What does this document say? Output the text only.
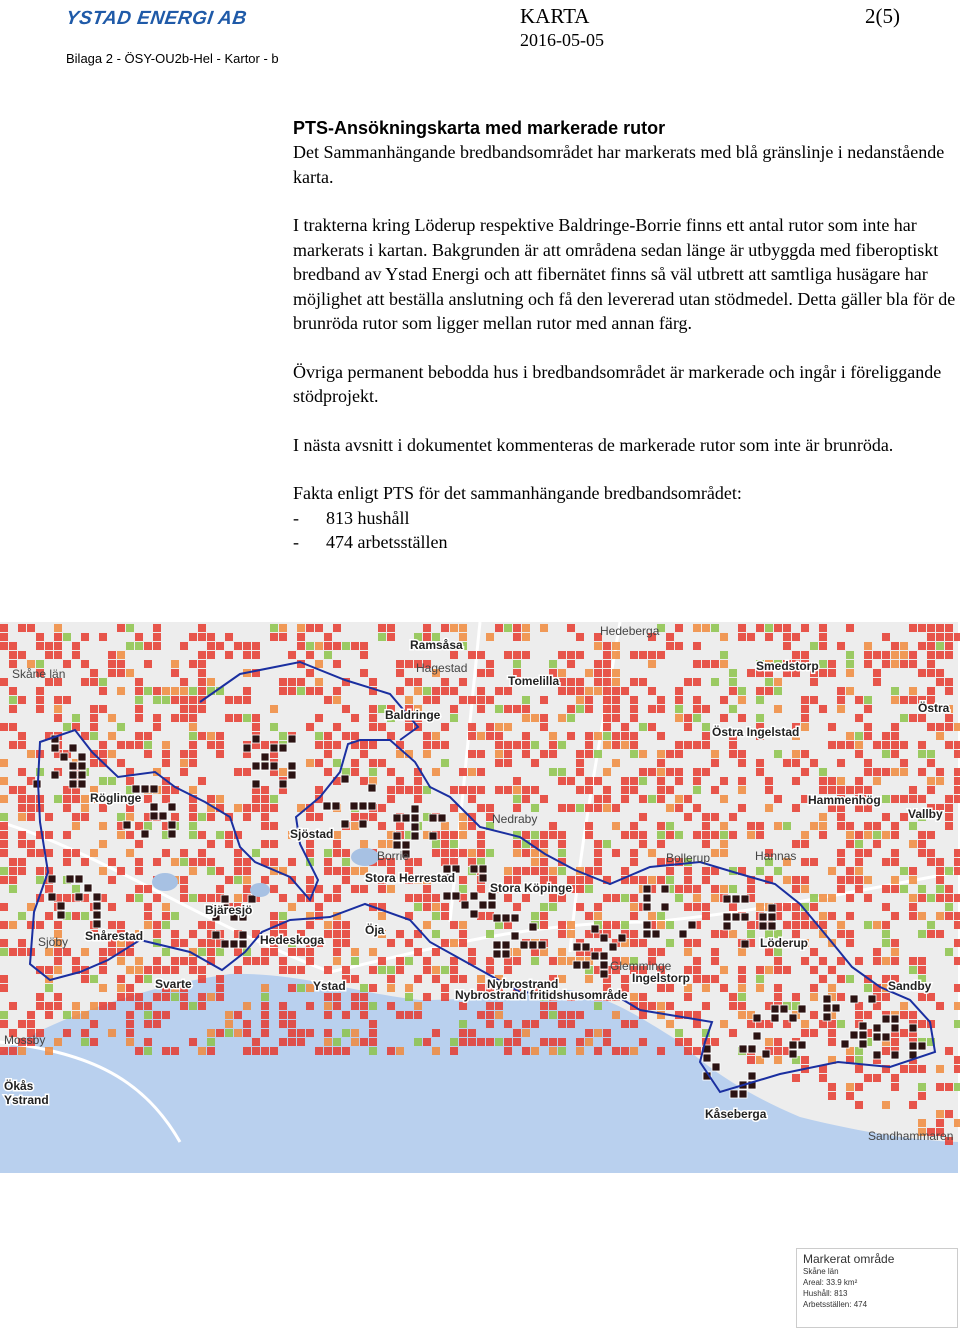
YSTAD ENERGI AB
Bilaga 2 - ÖSY-OU2b-Hel - Kartor - b
KARTA
2016-05-05
2(5)
PTS-Ansökningskarta med markerade rutor

Det Sammanhängande bredbandsområdet har markerats med blå gränslinje i nedanstående karta.

I trakterna kring Löderup respektive Baldringe-Borrie finns ett antal rutor som inte har markerats i kartan. Bakgrunden är att områdena sedan länge är utbyggda med fiberoptiskt bredband av Ystad Energi och att fibernätet finns så väl utbrett att samtliga husägare har möjlighet att beställa anslutning och få den levererad utan stödmedel. Detta gäller bla för de brunröda rutor som ligger mellan rutor med annan färg.

Övriga permanent bebodda hus i bredbandsområdet är markerade och ingår i föreliggande stödprojekt.

I nästa avsnitt i dokumentet kommenteras de markerade rutor som inte är brunröda.

Fakta enligt PTS för det sammanhängande bredbandsområdet:

-	813 hushåll
-	474 arbetsställen
Skåne län
Ramsåsa
Tomelilla
Smedstorp
Östra Ingelstad
Östra
Röglinge
Sjöstad
Baldringe
Nedraby
Hammenhög
Vallby
Borrie
Stora Herrestad
Stora Köpinge
Bollerup	Hannas
Bjäresjö
Hedeskoga
Öja
Glemminge
Löderup
Snårestad
Svarte	Ystad	Nybrostrand
Nybrostrand fritidshusområde
Ingelstorp
Sandby
Mossby
Kåseberga
Sandhammaren
Hedeberga
Hagestad
Sjöby
Ystrand
Ökås
Markerat område
Skåne län
Areal: 33.9 km²
Hushåll: 813
Arbetsställen: 474
